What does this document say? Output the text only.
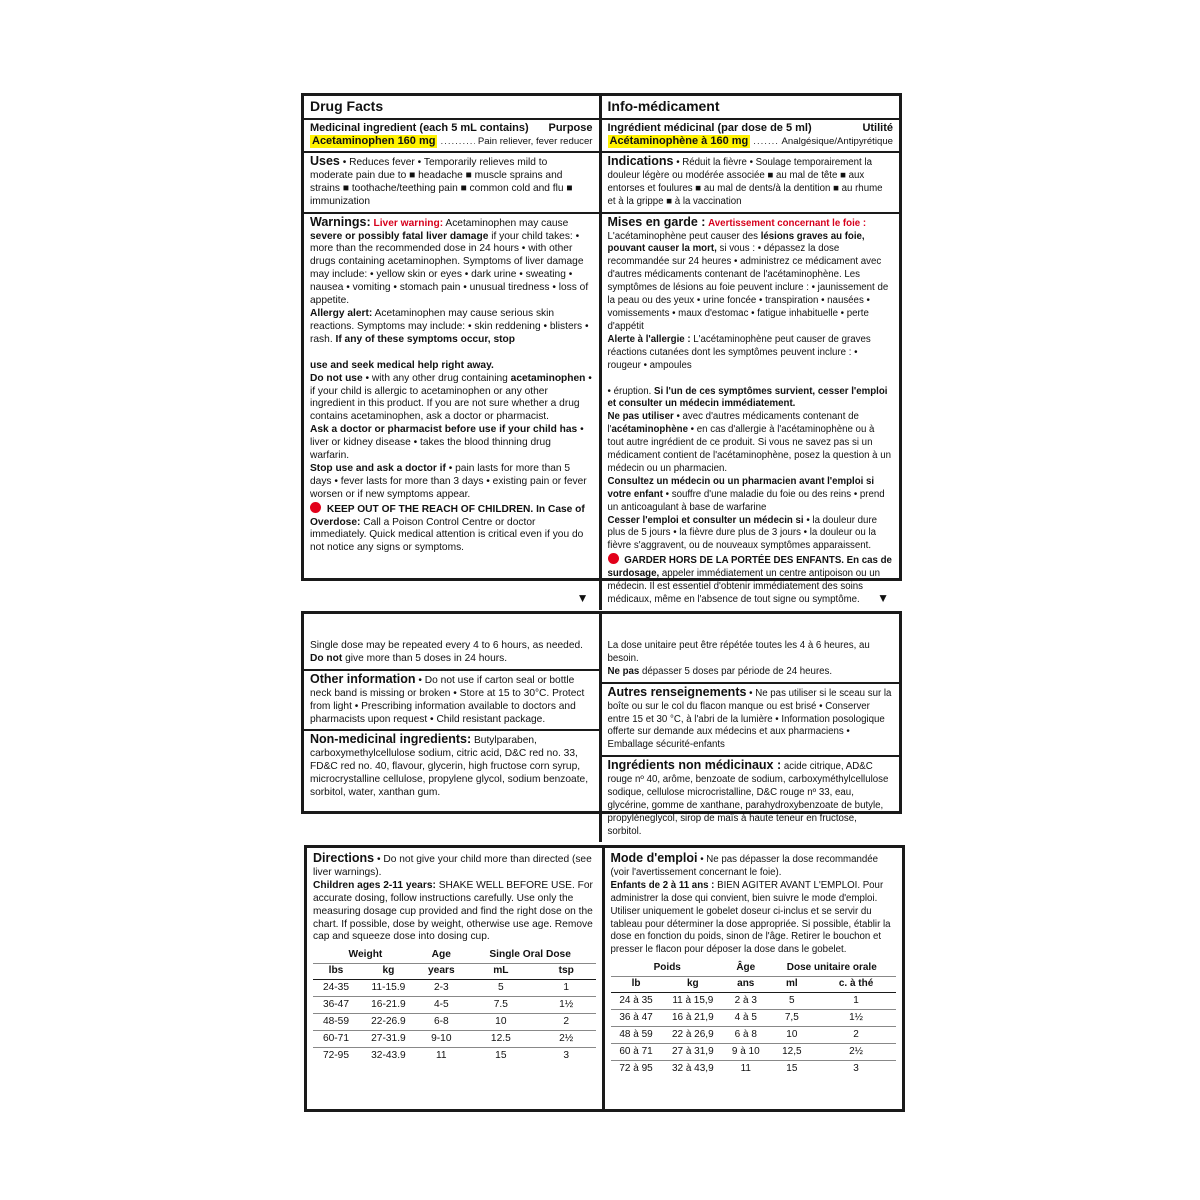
Drug Facts
Medicinal ingredient (each 5 mL contains) Purpose
Acetaminophen 160 mg .....	Pain reliever, fever reducer
Uses • Reduces fever • Temporarily relieves mild to moderate pain due to ■ headache ■ muscle sprains and strains ■ toothache/teething pain ■ common cold and flu ■ immunization
Warnings: Liver warning: Acetaminophen may cause severe or possibly fatal liver damage if your child takes: • more than the recommended dose in 24 hours • with other drugs containing acetaminophen. Symptoms of liver damage may include: • yellow skin or eyes • dark urine • sweating • nausea • vomiting • stomach pain • unusual tiredness • loss of appetite.
Allergy alert: Acetaminophen may cause serious skin reactions. Symptoms may include: • skin reddening • blisters • rash. If any of these symptoms occur, stop
use and seek medical help right away.
Do not use • with any other drug containing acetaminophen • if your child is allergic to acetaminophen or any other ingredient in this product. If you are not sure whether a drug contains acetaminophen, ask a doctor or pharmacist.
Ask a doctor or pharmacist before use if your child has • liver or kidney disease • takes the blood thinning drug warfarin.
Stop use and ask a doctor if • pain lasts for more than 5 days • fever lasts for more than 3 days • existing pain or fever worsen or if new symptoms appear.
KEEP OUT OF THE REACH OF CHILDREN. In Case of Overdose: Call a Poison Control Centre or doctor immediately. Quick medical attention is critical even if you do not notice any signs or symptoms.
▼
Info-médicament
Ingrédient médicinal (par dose de 5 ml)	Utilité
Acétaminophène à 160 mg .....	Analgésique/Antipyrétique
Indications • Réduit la fièvre • Soulage temporairement la douleur légère ou modérée associée ■ au mal de tête ■ aux entorses et foulures ■ au mal de dents/à la dentition ■ au rhume et à la grippe ■ à la vaccination
Mises en garde : Avertissement concernant le foie : L'acétaminophène peut causer des lésions graves au foie, pouvant causer la mort, si vous : • dépassez la dose recommandée sur 24 heures • administrez ce médicament avec d'autres médicaments contenant de l'acétaminophène. Les symptômes de lésions au foie peuvent inclure : • jaunissement de la peau ou des yeux • urine foncée • transpiration • nausées • vomissements • maux d'estomac • fatigue inhabituelle • perte d'appétit
Alerte à l'allergie : L'acétaminophène peut causer de graves réactions cutanées dont les symptômes peuvent inclure : • rougeur • ampoules
• éruption. Si l'un de ces symptômes survient, cesser l'emploi et consulter un médecin immédiatement.
Ne pas utiliser • avec d'autres médicaments contenant de l'acétaminophène • en cas d'allergie à l'acétaminophène ou à tout autre ingrédient de ce produit. Si vous ne savez pas si un médicament contient de l'acétaminophène, posez la question à un médecin ou un pharmacien.
Consultez un médecin ou un pharmacien avant l'emploi si votre enfant • souffre d'une maladie du foie ou des reins • prend un anticoagulant à base de warfarine
Cesser l'emploi et consulter un médecin si • la douleur dure plus de 5 jours • la fièvre dure plus de 3 jours • la douleur ou la fièvre s'aggravent, ou de nouveaux symptômes apparaissent.
GARDER HORS DE LA PORTÉE DES ENFANTS. En cas de surdosage, appeler immédiatement un centre antipoison ou un médecin. Il est essentiel d'obtenir immédiatement des soins médicaux, même en l'absence de tout signe ou symptôme.	▼
Single dose may be repeated every 4 to 6 hours, as needed.
Do not give more than 5 doses in 24 hours.
Other information • Do not use if carton seal or bottle neck band is missing or broken • Store at 15 to 30°C. Protect from light • Prescribing information available to doctors and pharmacists upon request • Child resistant package.
Non-medicinal ingredients: Butylparaben, carboxymethylcellulose sodium, citric acid, D&C red no. 33, FD&C red no. 40, flavour, glycerin, high fructose corn syrup, microcrystalline cellulose, propylene glycol, sodium benzoate, sorbitol, water, xanthan gum.
La dose unitaire peut être répétée toutes les 4 à 6 heures, au besoin.
Ne pas dépasser 5 doses par période de 24 heures.
Autres renseignements • Ne pas utiliser si le sceau sur la boîte ou sur le col du flacon manque ou est brisé • Conserver entre 15 et 30 °C, à l'abri de la lumière • Information posologique offerte sur demande aux médecins et aux pharmaciens • Emballage sécurité-enfants
Ingrédients non médicinaux : acide citrique, AD&C rouge nº 40, arôme, benzoate de sodium, carboxyméthylcellulose sodique, cellulose microcristalline, D&C rouge nº 33, eau, glycérine, gomme de xanthane, parahydroxybenzoate de butyle, propylèneglycol, sirop de maïs à haute teneur en fructose, sorbitol.
Directions • Do not give your child more than directed (see liver warnings).
Children ages 2-11 years: SHAKE WELL BEFORE USE. For accurate dosing, follow instructions carefully. Use only the measuring dosage cup provided and find the right dose on the chart. If possible, dose by weight, otherwise use age. Remove cap and squeeze dose into dosing cup.
Weight		Age	Single Oral Dose	
lbs	kg	years	mL	tsp
24-35	11-15.9	2-3	5	1
36-47	16-21.9	4-5	7.5	1½
48-59	22-26.9	6-8	10	2
60-71	27-31.9	9-10	12.5	2½
72-95	32-43.9	11	15	3
Mode d'emploi • Ne pas dépasser la dose recommandée (voir l'avertissement concernant le foie).
Enfants de 2 à 11 ans : BIEN AGITER AVANT L'EMPLOI. Pour administrer la dose qui convient, bien suivre le mode d'emploi. Utiliser uniquement le gobelet doseur ci-inclus et se servir du tableau pour déterminer la dose appropriée. Si possible, établir la dose en fonction du poids, sinon de l'âge. Retirer le bouchon et presser le flacon pour déposer la dose dans le gobelet.
Poids		Âge	Dose unitaire orale	
lb	kg	ans	ml	c. à thé
24 à 35	11 à 15,9	2 à 3	5	1
36 à 47	16 à 21,9	4 à 5	7,5	1½
48 à 59	22 à 26,9	6 à 8	10	2
60 à 71	27 à 31,9	9 à 10	12,5	2½
72 à 95	32 à 43,9	11	15	3
